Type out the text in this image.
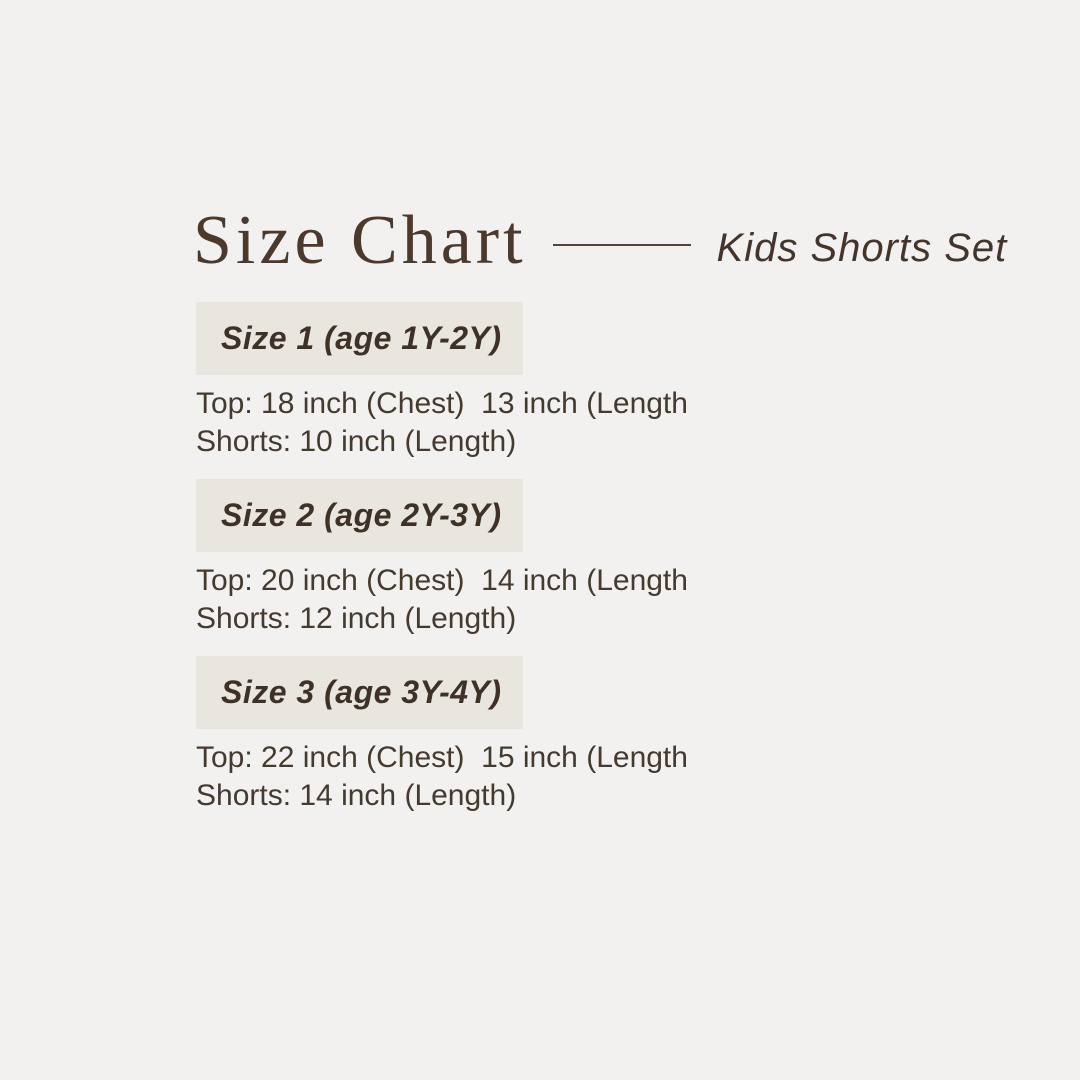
Size Chart	Kids Shorts Set
Size 1 (age 1Y-2Y)

Top: 18 inch (Chest)  13 inch (Length

Shorts: 10 inch (Length)

Size 2 (age 2Y-3Y)

Top: 20 inch (Chest)  14 inch (Length

Shorts: 12 inch (Length)

Size 3 (age 3Y-4Y)

Top: 22 inch (Chest)  15 inch (Length

Shorts: 14 inch (Length)
